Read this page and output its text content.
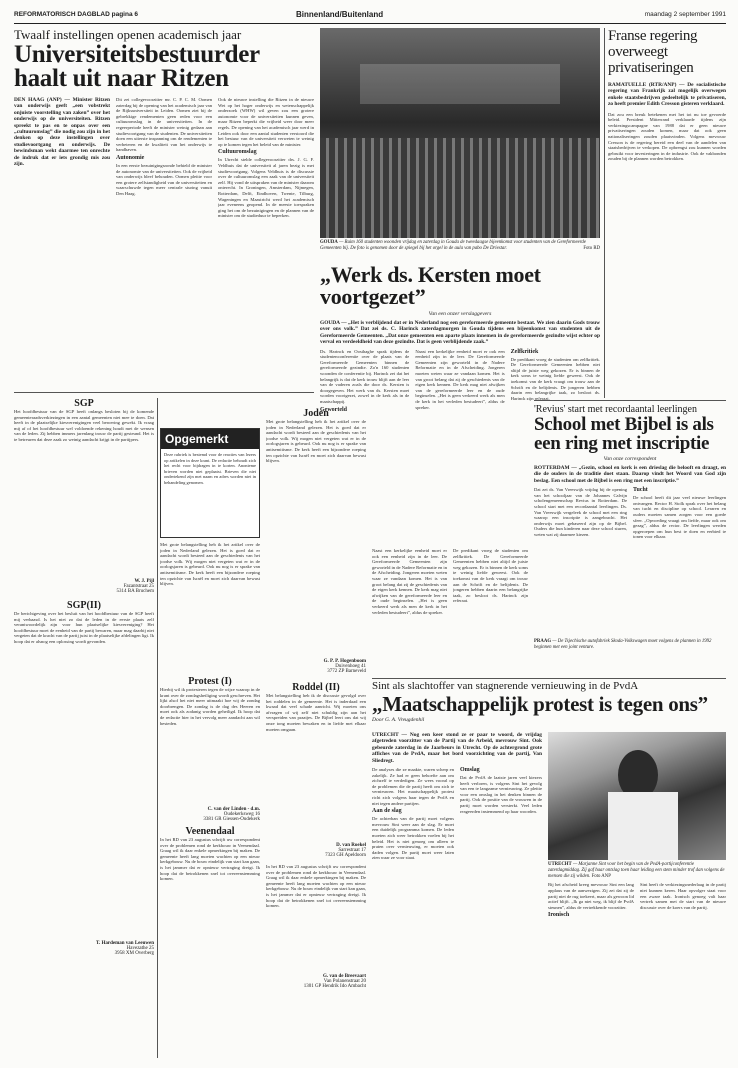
REFORMATORISCH DAGBLAD pagina 6	Binnenland/Buitenland	maandag 2 september 1991
Twaalf instellingen openen academisch jaar
Universiteitsbestuurder haalt uit naar Ritzen

DEN HAAG (ANP) — Minister Ritzen van onderwijs geeft „een vobstrekt onjuiste voorstelling van zaken” over het onderwijs op de universiteiten. Ritzen spreekt te pas en te onpas over een „cultuuromslag” die nodig zou zijn in het denken op deze instellingen over studievoortgang en onderwijs. De bewindsman wekt daarmee ten onrechte de indruk dat er iets grondig mis zou zijn.

Dit zei collegevoorzitter mr. C. P. C. M. Oomen zaterdag bij de opening van het academisch jaar van de Rijksuniversiteit in Leiden. Oomen ziet bij de gebrekkige rendementen geen reden voor een cultuuromslag in de universiteiten. In de regeerperiode heeft de minister weinig gedaan aan studievoortgang van de studenten. De universiteiten doen een uiterste inspanning om de rendementen te verbeteren en de kwaliteit van het onderwijs te handhaven.

Autonomie

In een eerste bezuinigingsronde behield de minister de autonomie van de universiteiten. Ook de vrijheid van onderwijs bleef behouden. Oomen pleitte voor een grotere zelfstandigheid van de universiteiten en waarschuwde tegen meer centrale sturing vanuit Den Haag.

Ook de nieuwe instelling die Ritzen in de nieuwe Wet op het hoger onderwijs en wetenschappelijk onderzoek (WHW) wil geven zou een grotere autonomie voor de universiteiten kunnen geven, maar Ritzen beperkt die vrijheid weer door meer regels. De opening van het academisch jaar werd in Leiden ook door een aantal studenten verstoord die het bestuur van de universiteit verweten te weinig op te komen tegen het beleid van de minister.

Cultuuromslag

In Utrecht stelde collegevoorzitter drs. J. G. F. Veldhuis dat de universiteit al jaren bezig is met studievoortgang. Volgens Veldhuis is de discussie over de cultuuromslag een zaak van de universiteit zelf. Hij vond de uitspraken van de minister daarom onterecht. In Groningen, Amsterdam, Nijmegen, Rotterdam, Delft, Eindhoven, Twente, Tilburg, Wageningen en Maastricht werd het academisch jaar eveneens geopend. In de meeste toespraken ging het om de bezuinigingen en de plannen van de minister om de studieduur te beperken.

GOUDA — Ruim 160 studenten woonden vrijdag en zaterdag in Gouda de tweedaagse bijeenkomst voor studenten van de Gereformeerde Gemeenten bij. De foto is genomen door de spiegel bij het orgel in de aula van pabo De Driestar.	Foto RD
Franse regering overweegt privatiseringen

RAMATUELLE (RTR/ANP) — De socialistische regering van Frankrijk zal mogelijk overwegen enkele staatsbedrijven gedeeltelijk te privatiseren, zo heeft premier Edith Cresson gisteren verklaard.

Dat zou een breuk betekenen met het tot nu toe gevoerde beleid. President Mitterrand verklaarde tijdens zijn verkiezingscampagne van 1988 dat er geen nieuwe privatiseringen zouden komen, maar dat ook geen nationaliseringen zouden plaatsvinden. Volgens mevrouw Cresson is de regering bereid een deel van de aandelen van staatsbedrijven te verkopen. De opbrengst zou kunnen worden gebruikt voor investeringen in de industrie. Ook de vakbonden zouden bij de plannen worden betrokken.

„Werk ds. Kersten moet voortgezet”
Van een onzer verslaggevers

GOUDA — „Het is verblijdend dat er in Nederland nog een gereformeerde gemeente bestaat. We zien daarin Gods trouw over ons volk.” Dat zei ds. C. Harinck zaterdagmorgen in Gouda tijdens een bijeenkomst van studenten uit de Gereformeerde Gemeenten. „Dat onze gemeenten een aparte plaats innemen in de gereformeerde gezindte wijst echter op verval en verdeeldheid van deze gezindte. Dat is geen verblijdende zaak.”

Ds. Harinck en Oosthaghe sprak tijdens de studentenconferentie over de plaats van de Gereformeerde Gemeenten binnen de gereformeerde gezindte. Zo'n 160 studenten woonden de conferentie bij. Harinck zei dat het belangrijk is dat de kerk trouw blijft aan de leer van de vaderen zoals die door ds. Kersten is doorgegeven. Het werk van ds. Kersten moet worden voortgezet, zowel in de kerk als in de maatschappij.

Geworteld

Naast een kerkelijke eenheid moet er ook een eenheid zijn in de leer. De Gereformeerde Gemeenten zijn geworteld in de Nadere Reformatie en in de Afscheiding. Jongeren moeten weten waar ze vandaan komen. Het is van groot belang dat zij de geschiedenis van de eigen kerk kennen. De kerk mag niet afwijken van de gereformeerde leer en de oude beginselen. „Het is geen verkeerd werk als men de kerk in het verleden bestudeert”, aldus de spreker.

Zelfkritiek

De predikant vroeg de studenten om zelfkritiek. De Gereformeerde Gemeenten hebben niet altijd de juiste weg gekozen. Er is binnen de kerk soms te weinig liefde geweest. Ook de toekomst van de kerk vraagt om trouw aan de Schrift en de belijdenis. De jongeren hebben daarin een belangrijke taak, zo besloot ds. Harinck zijn referaat.

'Revius' start met recordaantal leerlingen
School met Bijbel is als een ring met inscriptie
Van onze correspondent

ROTTERDAM — „Gezin, school en kerk is een drieslag die belooft en draagt, en die de ouders in de traditie doet staan. Daarop vindt het Woord van God zijn beslag. Een school met de Bijbel is een ring met een inscriptie.”

Dat zei ds. Van Vreeswijk vrijdag bij de opening van het schooljaar van de Johannes Calvijn scholengemeenschap Revius in Rotterdam. De school start met een recordaantal leerlingen. Ds. Van Vreeswijk vergeleek de school met een ring waarop een inscriptie is aangebracht. Het onderwijs moet gebaseerd zijn op de Bijbel. Ouders die hun kinderen naar deze school sturen, weten wat zij daarmee kiezen.

Tucht

De school heeft dit jaar veel nieuwe leerlingen ontvangen. Rector H. Stolk sprak over het belang van tucht en discipline op school. Leraren en ouders moeten samen zorgen voor een goede sfeer. „Opvoeding vraagt om liefde, maar ook om gezag”, aldus de rector. De leerlingen werden opgeroepen om hun best te doen en eerbied te tonen voor elkaar.

PRAAG — De Tsjechische autofabriek Skoda-Volkswagen moet volgens de plannen in 1992 beginnen met een joint venture.
SGP

Het hoofdbestuur van de SGP heeft onlangs besloten bij de komende gemeenteraadsverkiezingen in een aantal gemeenten niet mee te doen. Dat heeft in de plaatselijke kiesverenigingen veel beroering gewekt. Ik vraag mij af of het hoofdbestuur wel voldoende rekening houdt met de wensen van de leden. Zij hebben immers jarenlang trouw de partij gesteund. Het is te betreuren dat deze zaak zo weinig aandacht krijgt in de partijpers.

W. J. Pijl
Fazantstraat 25
5314 BA Bruchem
SGP(II)

De berichtgeving over het besluit van het hoofdbestuur van de SGP heeft mij verbaasd. Is het niet zo dat de leden in de eerste plaats zelf verantwoordelijk zijn voor hun plaatselijke kiesvereniging? Het hoofdbestuur moet de eenheid van de partij bewaren, maar mag daarbij niet vergeten dat de kracht van de partij juist in de plaatselijke afdelingen ligt. Ik hoop dat er alsnog een oplossing wordt gevonden.

T. Hardeman van Leeuwen
Havezathe 25
3958 XM Overberg
Opgemerkt

Deze rubriek is bestemd voor de reacties van lezers op artikelen in deze krant. De redactie behoudt zich het recht voor bijdragen in te korten. Anonieme brieven worden niet geplaatst. Brieven die niet ondertekend zijn met naam en adres worden niet in behandeling genomen.

Met grote belangstelling heb ik het artikel over de joden in Nederland gelezen. Het is goed dat er aandacht wordt besteed aan de geschiedenis van het joodse volk. Wij mogen niet vergeten wat er in de oorlogsjaren is gebeurd. Ook nu nog is er sprake van antisemitisme. De kerk heeft een bijzondere roeping ten opzichte van Israël en moet zich daarvan bewust blijven.

Protest (I)

Hierbij wil ik protesteren tegen de wijze waarop in de krant over de zondagsheiliging wordt geschreven. Het lijkt alsof het niet meer uitmaakt hoe wij de zondag doorbrengen. De zondag is de dag des Heeren en moet ook als zodanig worden geheiligd. Ik hoop dat de redactie hier in het vervolg meer aandacht aan wil besteden.

C. van der Linden - d.m.
Oudekerksweg 16
3381 GR Giessen-Oudekerk
Veenendaal

In het RD van 23 augustus schrijft uw correspondent over de problemen rond de kerkbouw in Veenendaal. Graag wil ik daar enkele opmerkingen bij maken. De gemeente heeft lang moeten wachten op een nieuw kerkgebouw. Nu de bouw eindelijk van start kan gaan, is het jammer dat er opnieuw vertraging dreigt. Ik hoop dat de betrokkenen snel tot overeenstemming komen.

Joden

Met grote belangstelling heb ik het artikel over de joden in Nederland gelezen. Het is goed dat er aandacht wordt besteed aan de geschiedenis van het joodse volk. Wij mogen niet vergeten wat er in de oorlogsjaren is gebeurd. Ook nu nog is er sprake van antisemitisme. De kerk heeft een bijzondere roeping ten opzichte van Israël en moet zich daarvan bewust blijven.

G. P. P. Hogenboom
Duivenhoeg 41
3772 ZP Barneveld
Roddel (II)

Met belangstelling heb ik de discussie gevolgd over het roddelen in de gemeente. Het is inderdaad een kwaad dat veel schade aanricht. Wij moeten ons afvragen of wij zelf niet schuldig zijn aan het verspreiden van praatjes. De Bijbel leert ons dat wij onze tong moeten bewaken en in liefde met elkaar moeten omgaan.

D. van Roekel
Sarrestraat 17
7323 GH Apeldoorn

In het RD van 23 augustus schrijft uw correspondent over de problemen rond de kerkbouw in Veenendaal. Graag wil ik daar enkele opmerkingen bij maken. De gemeente heeft lang moeten wachten op een nieuw kerkgebouw. Nu de bouw eindelijk van start kan gaan, is het jammer dat er opnieuw vertraging dreigt. Ik hoop dat de betrokkenen snel tot overeenstemming komen.

G. van de Breevaart
Van Polanenstraat 20
1301 GP Hendrik Ido Ambacht
Sint als slachtoffer van stagnerende vernieuwing in de PvdA
„Maatschappelijk protest is tegen ons”
Door G. A. Vreugdenhil

UTRECHT — Nog een keer stond ze er paar te woord, de vrijdag afgetreden voorzitter van de Partij van de Arbeid, mevrouw Sint. Ook gebeurde zaterdag in de Jaarbeurs in Utrecht. Op de achtergrond grote affiches van de PvdA, maar het bord voorzichting van de partij, Van Sliedregt.

De analyses die ze maakte, waren scherp en zakelijk. Ze had er geen behoefte aan om zichzelf te verdedigen. Ze wees vooral op de problemen die de partij heeft om zich te vernieuwen. Het maatschappelijk protest richt zich volgens haar tegen de PvdA en niet tegen andere partijen.

Aan de slag

De achterban van de partij moet volgens mevrouw Sint weer aan de slag. Er moet een duidelijk programma komen. De leden moeten zich weer betrokken voelen bij het beleid. Het is niet genoeg om alleen te praten over vernieuwing, er moeten ook daden volgen. De partij moet weer laten zien waar ze voor staat.

Omslag

Dat de PvdA de laatste jaren veel kiezers heeft verloren, is volgens Sint het gevolg van een te langzame vernieuwing. Ze pleitte voor een omslag in het denken binnen de partij. Ook de positie van de vrouwen in de partij moet worden versterkt. Veel leden reageerden instemmend op haar woorden.

UTRECHT — Marjanne Sint voor het begin van de PvdA-partijconferentie zaterdagmiddag. Zij gaf haar ontslag toen haar leiding een stem minder trof dan volgens de mensen die zij wilden. Foto ANP

Bij het afscheid kreeg mevrouw Sint een lang applaus van de aanwezigen. Zij zei dat zij de partij niet de rug toekeert, maar als gewoon lid actief blijft. „Ik ga niet weg, ik blijf de PvdA steunen”, aldus de vertrekkende voorzitter.

Ironisch

Sint heeft de verkiezingsnederlaag in de partij niet kunnen keren. Haar opvolger staat voor een zware taak. Ironisch genoeg valt haar vertrek samen met de start van de nieuwe discussie over de koers van de partij.

Naast een kerkelijke eenheid moet er ook een eenheid zijn in de leer. De Gereformeerde Gemeenten zijn geworteld in de Nadere Reformatie en in de Afscheiding. Jongeren moeten weten waar ze vandaan komen. Het is van groot belang dat zij de geschiedenis van de eigen kerk kennen. De kerk mag niet afwijken van de gereformeerde leer en de oude beginselen. „Het is geen verkeerd werk als men de kerk in het verleden bestudeert”, aldus de spreker.

De predikant vroeg de studenten om zelfkritiek. De Gereformeerde Gemeenten hebben niet altijd de juiste weg gekozen. Er is binnen de kerk soms te weinig liefde geweest. Ook de toekomst van de kerk vraagt om trouw aan de Schrift en de belijdenis. De jongeren hebben daarin een belangrijke taak, zo besloot ds. Harinck zijn referaat.
